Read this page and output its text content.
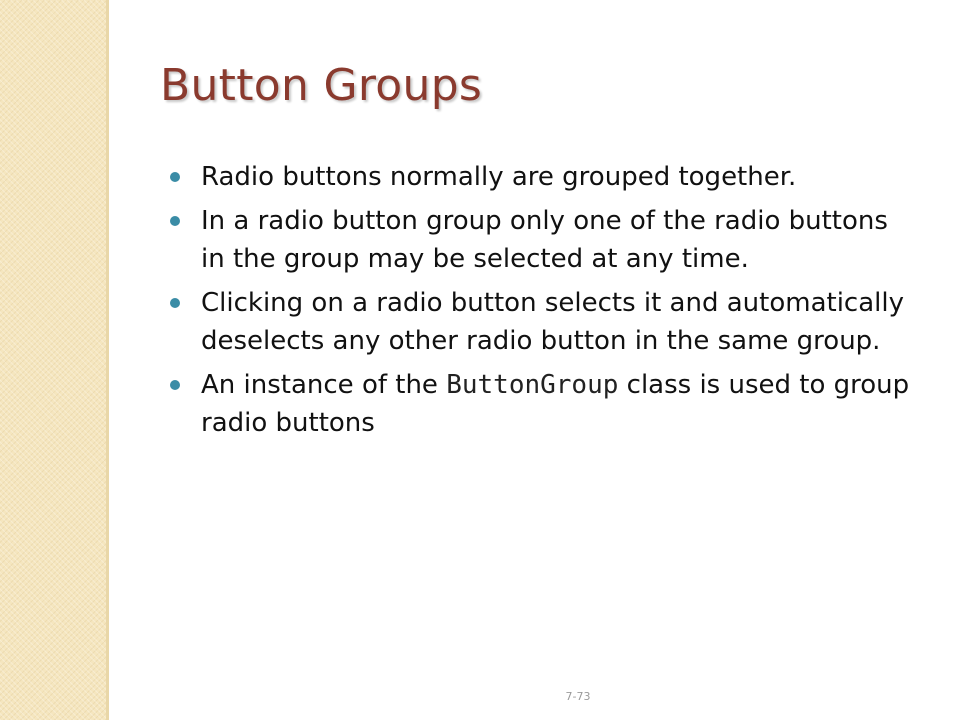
Button Groups
Radio buttons normally are grouped together.
In a radio button group only one of the radio buttons in the group may be selected at any time.
Clicking on a radio button selects it and automatically deselects any other radio button in the same group.
An instance of the ButtonGroup class is used to group radio buttons
7-73
